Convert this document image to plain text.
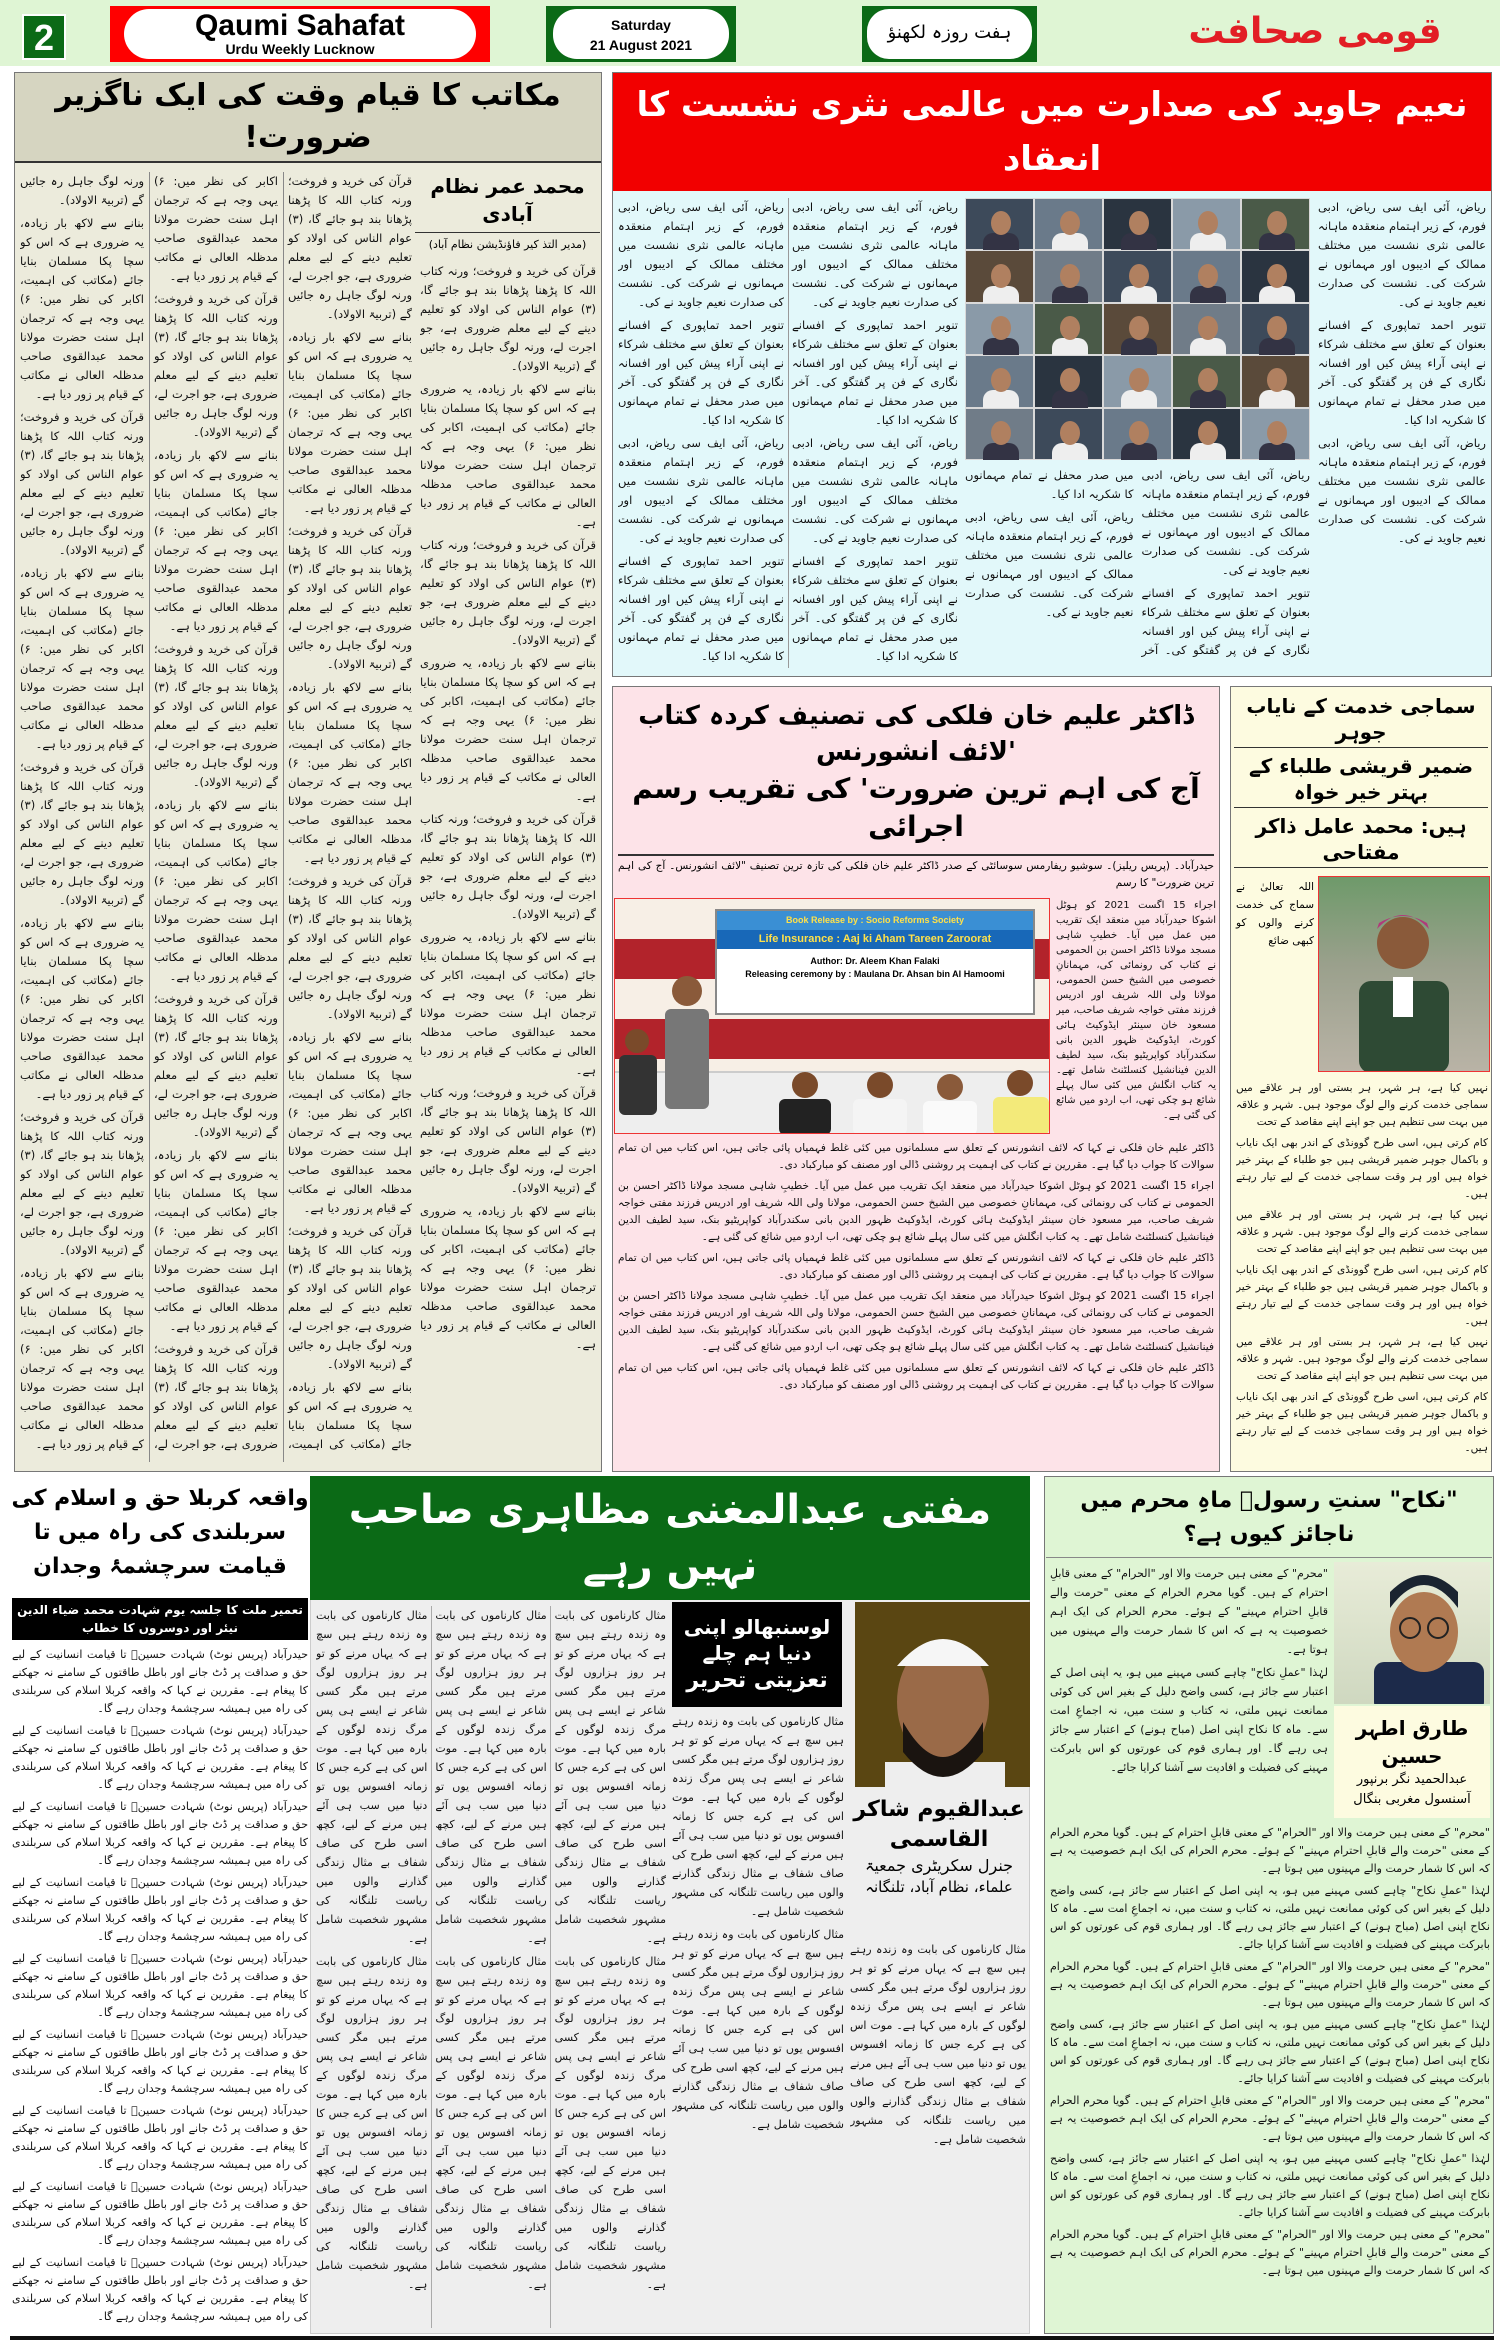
2	Qaumi Sahafat
Urdu Weekly Lucknow
Saturday
21 August 2021
ہفت روزہ لکھنؤ	قومی صحافت
مکاتب کا قیام وقت کی ایک ناگزیر ضرورت!
محمد عمر نظام آبادی
(مدیر التذ کیر فاؤنڈیشن نظام آباد)

قرآن کی خرید و فروخت؛ ورنہ کتاب اللہ کا پڑھنا پڑھانا بند ہو جائے گا، (۳) عوام الناس کی اولاد کو تعلیم دینے کے لیے معلم ضروری ہے، جو اجرت لے، ورنہ لوگ جاہل رہ جائیں گے (تربیۃ الاولاد)۔

بنانے سے لاکھ بار زیادہ، یہ ضروری ہے کہ اس کو سچا پکا مسلمان بنایا جائے (مکاتب کی اہمیت، اکابر کی نظر میں: ۶) یہی وجہ ہے کہ ترجمان اہل سنت حضرت مولانا محمد عبدالقوی صاحب مدظلہ العالی نے مکاتب کے قیام پر زور دیا ہے۔

قرآن کی خرید و فروخت؛ ورنہ کتاب اللہ کا پڑھنا پڑھانا بند ہو جائے گا، (۳) عوام الناس کی اولاد کو تعلیم دینے کے لیے معلم ضروری ہے، جو اجرت لے، ورنہ لوگ جاہل رہ جائیں گے (تربیۃ الاولاد)۔

بنانے سے لاکھ بار زیادہ، یہ ضروری ہے کہ اس کو سچا پکا مسلمان بنایا جائے (مکاتب کی اہمیت، اکابر کی نظر میں: ۶) یہی وجہ ہے کہ ترجمان اہل سنت حضرت مولانا محمد عبدالقوی صاحب مدظلہ العالی نے مکاتب کے قیام پر زور دیا ہے۔

قرآن کی خرید و فروخت؛ ورنہ کتاب اللہ کا پڑھنا پڑھانا بند ہو جائے گا، (۳) عوام الناس کی اولاد کو تعلیم دینے کے لیے معلم ضروری ہے، جو اجرت لے، ورنہ لوگ جاہل رہ جائیں گے (تربیۃ الاولاد)۔

بنانے سے لاکھ بار زیادہ، یہ ضروری ہے کہ اس کو سچا پکا مسلمان بنایا جائے (مکاتب کی اہمیت، اکابر کی نظر میں: ۶) یہی وجہ ہے کہ ترجمان اہل سنت حضرت مولانا محمد عبدالقوی صاحب مدظلہ العالی نے مکاتب کے قیام پر زور دیا ہے۔

قرآن کی خرید و فروخت؛ ورنہ کتاب اللہ کا پڑھنا پڑھانا بند ہو جائے گا، (۳) عوام الناس کی اولاد کو تعلیم دینے کے لیے معلم ضروری ہے، جو اجرت لے، ورنہ لوگ جاہل رہ جائیں گے (تربیۃ الاولاد)۔

بنانے سے لاکھ بار زیادہ، یہ ضروری ہے کہ اس کو سچا پکا مسلمان بنایا جائے (مکاتب کی اہمیت، اکابر کی نظر میں: ۶) یہی وجہ ہے کہ ترجمان اہل سنت حضرت مولانا محمد عبدالقوی صاحب مدظلہ العالی نے مکاتب کے قیام پر زور دیا ہے۔

قرآن کی خرید و فروخت؛ ورنہ کتاب اللہ کا پڑھنا پڑھانا بند ہو جائے گا، (۳) عوام الناس کی اولاد کو تعلیم دینے کے لیے معلم ضروری ہے، جو اجرت لے، ورنہ لوگ جاہل رہ جائیں گے (تربیۃ الاولاد)۔

بنانے سے لاکھ بار زیادہ، یہ ضروری ہے کہ اس کو سچا پکا مسلمان بنایا جائے (مکاتب کی اہمیت، اکابر کی نظر میں: ۶) یہی وجہ ہے کہ ترجمان اہل سنت حضرت مولانا محمد عبدالقوی صاحب مدظلہ العالی نے مکاتب کے قیام پر زور دیا ہے۔

قرآن کی خرید و فروخت؛ ورنہ کتاب اللہ کا پڑھنا پڑھانا بند ہو جائے گا، (۳) عوام الناس کی اولاد کو تعلیم دینے کے لیے معلم ضروری ہے، جو اجرت لے، ورنہ لوگ جاہل رہ جائیں گے (تربیۃ الاولاد)۔

بنانے سے لاکھ بار زیادہ، یہ ضروری ہے کہ اس کو سچا پکا مسلمان بنایا جائے (مکاتب کی اہمیت، اکابر کی نظر میں: ۶) یہی وجہ ہے کہ ترجمان اہل سنت حضرت مولانا محمد عبدالقوی صاحب مدظلہ العالی نے مکاتب کے قیام پر زور دیا ہے۔

قرآن کی خرید و فروخت؛ ورنہ کتاب اللہ کا پڑھنا پڑھانا بند ہو جائے گا، (۳) عوام الناس کی اولاد کو تعلیم دینے کے لیے معلم ضروری ہے، جو اجرت لے، ورنہ لوگ جاہل رہ جائیں گے (تربیۃ الاولاد)۔

بنانے سے لاکھ بار زیادہ، یہ ضروری ہے کہ اس کو سچا پکا مسلمان بنایا جائے (مکاتب کی اہمیت، اکابر کی نظر میں: ۶) یہی وجہ ہے کہ ترجمان اہل سنت حضرت مولانا محمد عبدالقوی صاحب مدظلہ العالی نے مکاتب کے قیام پر زور دیا ہے۔

قرآن کی خرید و فروخت؛ ورنہ کتاب اللہ کا پڑھنا پڑھانا بند ہو جائے گا، (۳) عوام الناس کی اولاد کو تعلیم دینے کے لیے معلم ضروری ہے، جو اجرت لے، ورنہ لوگ جاہل رہ جائیں گے (تربیۃ الاولاد)۔

بنانے سے لاکھ بار زیادہ، یہ ضروری ہے کہ اس کو سچا پکا مسلمان بنایا جائے (مکاتب کی اہمیت، اکابر کی نظر میں: ۶) یہی وجہ ہے کہ ترجمان اہل سنت حضرت مولانا محمد عبدالقوی صاحب مدظلہ العالی نے مکاتب کے قیام پر زور دیا ہے۔

قرآن کی خرید و فروخت؛ ورنہ کتاب اللہ کا پڑھنا پڑھانا بند ہو جائے گا، (۳) عوام الناس کی اولاد کو تعلیم دینے کے لیے معلم ضروری ہے، جو اجرت لے، ورنہ لوگ جاہل رہ جائیں گے (تربیۃ الاولاد)۔

بنانے سے لاکھ بار زیادہ، یہ ضروری ہے کہ اس کو سچا پکا مسلمان بنایا جائے (مکاتب کی اہمیت، اکابر کی نظر میں: ۶) یہی وجہ ہے کہ ترجمان اہل سنت حضرت مولانا محمد عبدالقوی صاحب مدظلہ العالی نے مکاتب کے قیام پر زور دیا ہے۔

قرآن کی خرید و فروخت؛ ورنہ کتاب اللہ کا پڑھنا پڑھانا بند ہو جائے گا، (۳) عوام الناس کی اولاد کو تعلیم دینے کے لیے معلم ضروری ہے، جو اجرت لے، ورنہ لوگ جاہل رہ جائیں گے (تربیۃ الاولاد)۔

بنانے سے لاکھ بار زیادہ، یہ ضروری ہے کہ اس کو سچا پکا مسلمان بنایا جائے (مکاتب کی اہمیت، اکابر کی نظر میں: ۶) یہی وجہ ہے کہ ترجمان اہل سنت حضرت مولانا محمد عبدالقوی صاحب مدظلہ العالی نے مکاتب کے قیام پر زور دیا ہے۔

قرآن کی خرید و فروخت؛ ورنہ کتاب اللہ کا پڑھنا پڑھانا بند ہو جائے گا، (۳) عوام الناس کی اولاد کو تعلیم دینے کے لیے معلم ضروری ہے، جو اجرت لے، ورنہ لوگ جاہل رہ جائیں گے (تربیۃ الاولاد)۔

بنانے سے لاکھ بار زیادہ، یہ ضروری ہے کہ اس کو سچا پکا مسلمان بنایا جائے (مکاتب کی اہمیت، اکابر کی نظر میں: ۶) یہی وجہ ہے کہ ترجمان اہل سنت حضرت مولانا محمد عبدالقوی صاحب مدظلہ العالی نے مکاتب کے قیام پر زور دیا ہے۔

قرآن کی خرید و فروخت؛ ورنہ کتاب اللہ کا پڑھنا پڑھانا بند ہو جائے گا، (۳) عوام الناس کی اولاد کو تعلیم دینے کے لیے معلم ضروری ہے، جو اجرت لے، ورنہ لوگ جاہل رہ جائیں گے (تربیۃ الاولاد)۔

بنانے سے لاکھ بار زیادہ، یہ ضروری ہے کہ اس کو سچا پکا مسلمان بنایا جائے (مکاتب کی اہمیت، اکابر کی نظر میں: ۶) یہی وجہ ہے کہ ترجمان اہل سنت حضرت مولانا محمد عبدالقوی صاحب مدظلہ العالی نے مکاتب کے قیام پر زور دیا ہے۔

قرآن کی خرید و فروخت؛ ورنہ کتاب اللہ کا پڑھنا پڑھانا بند ہو جائے گا، (۳) عوام الناس کی اولاد کو تعلیم دینے کے لیے معلم ضروری ہے، جو اجرت لے، ورنہ لوگ جاہل رہ جائیں گے (تربیۃ الاولاد)۔

بنانے سے لاکھ بار زیادہ، یہ ضروری ہے کہ اس کو سچا پکا مسلمان بنایا جائے (مکاتب کی اہمیت، اکابر کی نظر میں: ۶) یہی وجہ ہے کہ ترجمان اہل سنت حضرت مولانا محمد عبدالقوی صاحب مدظلہ العالی نے مکاتب کے قیام پر زور دیا ہے۔

قرآن کی خرید و فروخت؛ ورنہ کتاب اللہ کا پڑھنا پڑھانا بند ہو جائے گا، (۳) عوام الناس کی اولاد کو تعلیم دینے کے لیے معلم ضروری ہے، جو اجرت لے، ورنہ لوگ جاہل رہ جائیں گے (تربیۃ الاولاد)۔

بنانے سے لاکھ بار زیادہ، یہ ضروری ہے کہ اس کو سچا پکا مسلمان بنایا جائے (مکاتب کی اہمیت، اکابر کی نظر میں: ۶) یہی وجہ ہے کہ ترجمان اہل سنت حضرت مولانا محمد عبدالقوی صاحب مدظلہ العالی نے مکاتب کے قیام پر زور دیا ہے۔

قرآن کی خرید و فروخت؛ ورنہ کتاب اللہ کا پڑھنا پڑھانا بند ہو جائے گا، (۳) عوام الناس کی اولاد کو تعلیم دینے کے لیے معلم ضروری ہے، جو اجرت لے، ورنہ لوگ جاہل رہ جائیں گے (تربیۃ الاولاد)۔

بنانے سے لاکھ بار زیادہ، یہ ضروری ہے کہ اس کو سچا پکا مسلمان بنایا جائے (مکاتب کی اہمیت، اکابر کی نظر میں: ۶) یہی وجہ ہے کہ ترجمان اہل سنت حضرت مولانا محمد عبدالقوی صاحب مدظلہ العالی نے مکاتب کے قیام پر زور دیا ہے۔

نعیم جاوید کی صدارت میں عالمی نثری نشست کا انعقاد

ریاض، آئی ایف سی ریاض، ادبی فورم، کے زیر اہتمام منعقدہ ماہانہ عالمی نثری نشست میں مختلف ممالک کے ادیبوں اور مہمانوں نے شرکت کی۔ نشست کی صدارت نعیم جاوید نے کی۔

تنویر احمد تماپوری کے افسانے بعنوان کے تعلق سے مختلف شرکاء نے اپنی آراء پیش کیں اور افسانہ نگاری کے فن پر گفتگو کی۔ آخر میں صدر محفل نے تمام مہمانوں کا شکریہ ادا کیا۔

ریاض، آئی ایف سی ریاض، ادبی فورم، کے زیر اہتمام منعقدہ ماہانہ عالمی نثری نشست میں مختلف ممالک کے ادیبوں اور مہمانوں نے شرکت کی۔ نشست کی صدارت نعیم جاوید نے کی۔

ریاض، آئی ایف سی ریاض، ادبی فورم، کے زیر اہتمام منعقدہ ماہانہ عالمی نثری نشست میں مختلف ممالک کے ادیبوں اور مہمانوں نے شرکت کی۔ نشست کی صدارت نعیم جاوید نے کی۔

تنویر احمد تماپوری کے افسانے بعنوان کے تعلق سے مختلف شرکاء نے اپنی آراء پیش کیں اور افسانہ نگاری کے فن پر گفتگو کی۔ آخر میں صدر محفل نے تمام مہمانوں کا شکریہ ادا کیا۔

ریاض، آئی ایف سی ریاض، ادبی فورم، کے زیر اہتمام منعقدہ ماہانہ عالمی نثری نشست میں مختلف ممالک کے ادیبوں اور مہمانوں نے شرکت کی۔ نشست کی صدارت نعیم جاوید نے کی۔

ریاض، آئی ایف سی ریاض، ادبی فورم، کے زیر اہتمام منعقدہ ماہانہ عالمی نثری نشست میں مختلف ممالک کے ادیبوں اور مہمانوں نے شرکت کی۔ نشست کی صدارت نعیم جاوید نے کی۔

تنویر احمد تماپوری کے افسانے بعنوان کے تعلق سے مختلف شرکاء نے اپنی آراء پیش کیں اور افسانہ نگاری کے فن پر گفتگو کی۔ آخر میں صدر محفل نے تمام مہمانوں کا شکریہ ادا کیا۔

ریاض، آئی ایف سی ریاض، ادبی فورم، کے زیر اہتمام منعقدہ ماہانہ عالمی نثری نشست میں مختلف ممالک کے ادیبوں اور مہمانوں نے شرکت کی۔ نشست کی صدارت نعیم جاوید نے کی۔

تنویر احمد تماپوری کے افسانے بعنوان کے تعلق سے مختلف شرکاء نے اپنی آراء پیش کیں اور افسانہ نگاری کے فن پر گفتگو کی۔ آخر میں صدر محفل نے تمام مہمانوں کا شکریہ ادا کیا۔

ریاض، آئی ایف سی ریاض، ادبی فورم، کے زیر اہتمام منعقدہ ماہانہ عالمی نثری نشست میں مختلف ممالک کے ادیبوں اور مہمانوں نے شرکت کی۔ نشست کی صدارت نعیم جاوید نے کی۔

تنویر احمد تماپوری کے افسانے بعنوان کے تعلق سے مختلف شرکاء نے اپنی آراء پیش کیں اور افسانہ نگاری کے فن پر گفتگو کی۔ آخر میں صدر محفل نے تمام مہمانوں کا شکریہ ادا کیا۔

ریاض، آئی ایف سی ریاض، ادبی فورم، کے زیر اہتمام منعقدہ ماہانہ عالمی نثری نشست میں مختلف ممالک کے ادیبوں اور مہمانوں نے شرکت کی۔ نشست کی صدارت نعیم جاوید نے کی۔

تنویر احمد تماپوری کے افسانے بعنوان کے تعلق سے مختلف شرکاء نے اپنی آراء پیش کیں اور افسانہ نگاری کے فن پر گفتگو کی۔ آخر میں صدر محفل نے تمام مہمانوں کا شکریہ ادا کیا۔

ڈاکٹر علیم خان فلکی کی تصنیف کردہ کتاب 'لائف انشورنس
آج کی اہم ترین ضرورت' کی تقریب رسم اجرائی
حیدرآباد۔ (پریس ریلیز)۔ سوشیو ریفارمس سوسائٹی کے صدر ڈاکٹر علیم خان فلکی کی تازہ ترین تصنیف "لائف انشورنس۔ آج کی اہم ترین ضرورت" کا رسم
Book Release by : Socio Reforms Society
Life Insurance : Aaj ki Aham Tareen Zaroorat
Author: Dr. Aleem Khan Falaki
Releasing ceremony by : Maulana Dr. Ahsan bin Al Hamoomi

اجراء 15 اگست 2021 کو ہوٹل اشوکا حیدرآباد میں منعقد ایک تقریب میں عمل میں آیا۔ خطیبِ شاہی مسجد مولانا ڈاکٹر احسن بن الحمومی نے کتاب کی رونمائی کی، مہمانانِ خصوصی میں الشیخ حسن الحمومی، مولانا ولی اللہ شریف اور ادریس فرزند مفتی خواجہ شریف صاحب، میر مسعود خان سینئر ایڈوکیٹ ہائی کورٹ، ایڈوکیٹ ظہور الدین بانی سکندرآباد کواپریٹیو بنک، سید لطیف الدین فینانشیل کنسلٹنٹ شامل تھے۔ یہ کتاب انگلش میں کئی سال پہلے شائع ہو چکی تھی، اب اردو میں شائع کی گئی ہے۔

ڈاکٹر علیم خان فلکی نے کہا کہ لائف انشورنس کے تعلق سے مسلمانوں میں کئی غلط فہمیاں پائی جاتی ہیں، اس کتاب میں ان تمام سوالات کا جواب دیا گیا ہے۔ مقررین نے کتاب کی اہمیت پر روشنی ڈالی اور مصنف کو مبارکباد دی۔

اجراء 15 اگست 2021 کو ہوٹل اشوکا حیدرآباد میں منعقد ایک تقریب میں عمل میں آیا۔ خطیبِ شاہی مسجد مولانا ڈاکٹر احسن بن الحمومی نے کتاب کی رونمائی کی، مہمانانِ خصوصی میں الشیخ حسن الحمومی، مولانا ولی اللہ شریف اور ادریس فرزند مفتی خواجہ شریف صاحب، میر مسعود خان سینئر ایڈوکیٹ ہائی کورٹ، ایڈوکیٹ ظہور الدین بانی سکندرآباد کواپریٹیو بنک، سید لطیف الدین فینانشیل کنسلٹنٹ شامل تھے۔ یہ کتاب انگلش میں کئی سال پہلے شائع ہو چکی تھی، اب اردو میں شائع کی گئی ہے۔

ڈاکٹر علیم خان فلکی نے کہا کہ لائف انشورنس کے تعلق سے مسلمانوں میں کئی غلط فہمیاں پائی جاتی ہیں، اس کتاب میں ان تمام سوالات کا جواب دیا گیا ہے۔ مقررین نے کتاب کی اہمیت پر روشنی ڈالی اور مصنف کو مبارکباد دی۔

اجراء 15 اگست 2021 کو ہوٹل اشوکا حیدرآباد میں منعقد ایک تقریب میں عمل میں آیا۔ خطیبِ شاہی مسجد مولانا ڈاکٹر احسن بن الحمومی نے کتاب کی رونمائی کی، مہمانانِ خصوصی میں الشیخ حسن الحمومی، مولانا ولی اللہ شریف اور ادریس فرزند مفتی خواجہ شریف صاحب، میر مسعود خان سینئر ایڈوکیٹ ہائی کورٹ، ایڈوکیٹ ظہور الدین بانی سکندرآباد کواپریٹیو بنک، سید لطیف الدین فینانشیل کنسلٹنٹ شامل تھے۔ یہ کتاب انگلش میں کئی سال پہلے شائع ہو چکی تھی، اب اردو میں شائع کی گئی ہے۔

ڈاکٹر علیم خان فلکی نے کہا کہ لائف انشورنس کے تعلق سے مسلمانوں میں کئی غلط فہمیاں پائی جاتی ہیں، اس کتاب میں ان تمام سوالات کا جواب دیا گیا ہے۔ مقررین نے کتاب کی اہمیت پر روشنی ڈالی اور مصنف کو مبارکباد دی۔

سماجی خدمت کے نایاب جوہر
ضمیر قریشی طلباء کے بہتر خیر خواہ
ہیں: محمد عامل ذاکر مفتاحی
اللہ تعالیٰ نے سماج کی خدمت کرنے والوں کو کبھی ضائع

نہیں کیا ہے، ہر شہر، ہر بستی اور ہر علاقے میں سماجی خدمت کرنے والے لوگ موجود ہیں۔ شہر و علاقہ میں بہت سی تنظیم ہیں جو اپنے اپنے مقاصد کے تحت

کام کرتی ہیں، اسی طرح گوونڈی کے اندر بھی ایک نایاب و باکمال جوہر ضمیر قریشی ہیں جو طلباء کے بہتر خیر خواہ ہیں اور ہر وقت سماجی خدمت کے لیے تیار رہتے ہیں۔

نہیں کیا ہے، ہر شہر، ہر بستی اور ہر علاقے میں سماجی خدمت کرنے والے لوگ موجود ہیں۔ شہر و علاقہ میں بہت سی تنظیم ہیں جو اپنے اپنے مقاصد کے تحت

کام کرتی ہیں، اسی طرح گوونڈی کے اندر بھی ایک نایاب و باکمال جوہر ضمیر قریشی ہیں جو طلباء کے بہتر خیر خواہ ہیں اور ہر وقت سماجی خدمت کے لیے تیار رہتے ہیں۔

نہیں کیا ہے، ہر شہر، ہر بستی اور ہر علاقے میں سماجی خدمت کرنے والے لوگ موجود ہیں۔ شہر و علاقہ میں بہت سی تنظیم ہیں جو اپنے اپنے مقاصد کے تحت

کام کرتی ہیں، اسی طرح گوونڈی کے اندر بھی ایک نایاب و باکمال جوہر ضمیر قریشی ہیں جو طلباء کے بہتر خیر خواہ ہیں اور ہر وقت سماجی خدمت کے لیے تیار رہتے ہیں۔

واقعہ کربلا حق و اسلام کی سربلندی کی راہ میں تا قیامت سرچشمۂ وجدان
تعمیر ملت کا جلسہ یوم شہادت محمد ضیاء الدین نیئر اور دوسروں کا خطاب

حیدرآباد (پریس نوٹ) شہادت حسینؓ تا قیامت انسانیت کے لیے حق و صداقت پر ڈٹ جانے اور باطل طاقتوں کے سامنے نہ جھکنے کا پیغام ہے۔ مقررین نے کہا کہ واقعہ کربلا اسلام کی سربلندی کی راہ میں ہمیشہ سرچشمۂ وجدان رہے گا۔

حیدرآباد (پریس نوٹ) شہادت حسینؓ تا قیامت انسانیت کے لیے حق و صداقت پر ڈٹ جانے اور باطل طاقتوں کے سامنے نہ جھکنے کا پیغام ہے۔ مقررین نے کہا کہ واقعہ کربلا اسلام کی سربلندی کی راہ میں ہمیشہ سرچشمۂ وجدان رہے گا۔

حیدرآباد (پریس نوٹ) شہادت حسینؓ تا قیامت انسانیت کے لیے حق و صداقت پر ڈٹ جانے اور باطل طاقتوں کے سامنے نہ جھکنے کا پیغام ہے۔ مقررین نے کہا کہ واقعہ کربلا اسلام کی سربلندی کی راہ میں ہمیشہ سرچشمۂ وجدان رہے گا۔

حیدرآباد (پریس نوٹ) شہادت حسینؓ تا قیامت انسانیت کے لیے حق و صداقت پر ڈٹ جانے اور باطل طاقتوں کے سامنے نہ جھکنے کا پیغام ہے۔ مقررین نے کہا کہ واقعہ کربلا اسلام کی سربلندی کی راہ میں ہمیشہ سرچشمۂ وجدان رہے گا۔

حیدرآباد (پریس نوٹ) شہادت حسینؓ تا قیامت انسانیت کے لیے حق و صداقت پر ڈٹ جانے اور باطل طاقتوں کے سامنے نہ جھکنے کا پیغام ہے۔ مقررین نے کہا کہ واقعہ کربلا اسلام کی سربلندی کی راہ میں ہمیشہ سرچشمۂ وجدان رہے گا۔

حیدرآباد (پریس نوٹ) شہادت حسینؓ تا قیامت انسانیت کے لیے حق و صداقت پر ڈٹ جانے اور باطل طاقتوں کے سامنے نہ جھکنے کا پیغام ہے۔ مقررین نے کہا کہ واقعہ کربلا اسلام کی سربلندی کی راہ میں ہمیشہ سرچشمۂ وجدان رہے گا۔

حیدرآباد (پریس نوٹ) شہادت حسینؓ تا قیامت انسانیت کے لیے حق و صداقت پر ڈٹ جانے اور باطل طاقتوں کے سامنے نہ جھکنے کا پیغام ہے۔ مقررین نے کہا کہ واقعہ کربلا اسلام کی سربلندی کی راہ میں ہمیشہ سرچشمۂ وجدان رہے گا۔

حیدرآباد (پریس نوٹ) شہادت حسینؓ تا قیامت انسانیت کے لیے حق و صداقت پر ڈٹ جانے اور باطل طاقتوں کے سامنے نہ جھکنے کا پیغام ہے۔ مقررین نے کہا کہ واقعہ کربلا اسلام کی سربلندی کی راہ میں ہمیشہ سرچشمۂ وجدان رہے گا۔

حیدرآباد (پریس نوٹ) شہادت حسینؓ تا قیامت انسانیت کے لیے حق و صداقت پر ڈٹ جانے اور باطل طاقتوں کے سامنے نہ جھکنے کا پیغام ہے۔ مقررین نے کہا کہ واقعہ کربلا اسلام کی سربلندی کی راہ میں ہمیشہ سرچشمۂ وجدان رہے گا۔

مفتی عبدالمغنی مظاہری صاحب نہیں رہے
لوسنبھالو اپنی دنیا ہم چلے
تعزیتی تحریر
عبدالقیوم شاکر القاسمی
جنرل سکریٹری جمعیۃ
علماء، نظام آباد، تلنگانہ

مثال کارناموں کی بابت وہ زندہ رہتے ہیں سچ ہے کہ یہاں مرنے کو تو ہر روز ہزاروں لوگ مرتے ہیں مگر کسی شاعر نے ایسے ہی پس مرگ زندہ لوگوں کے بارہ میں کہا ہے۔ موت اس کی ہے کرے جس کا زمانہ افسوس یوں تو دنیا میں سب ہی آئے ہیں مرنے کے لیے، کچھ اسی طرح کی صاف شفاف بے مثال زندگی گذارنے والوں میں ریاست تلنگانہ کی مشہور شخصیت شامل ہے۔

مثال کارناموں کی بابت وہ زندہ رہتے ہیں سچ ہے کہ یہاں مرنے کو تو ہر روز ہزاروں لوگ مرتے ہیں مگر کسی شاعر نے ایسے ہی پس مرگ زندہ لوگوں کے بارہ میں کہا ہے۔ موت اس کی ہے کرے جس کا زمانہ افسوس یوں تو دنیا میں سب ہی آئے ہیں مرنے کے لیے، کچھ اسی طرح کی صاف شفاف بے مثال زندگی گذارنے والوں میں ریاست تلنگانہ کی مشہور شخصیت شامل ہے۔

مثال کارناموں کی بابت وہ زندہ رہتے ہیں سچ ہے کہ یہاں مرنے کو تو ہر روز ہزاروں لوگ مرتے ہیں مگر کسی شاعر نے ایسے ہی پس مرگ زندہ لوگوں کے بارہ میں کہا ہے۔ موت اس کی ہے کرے جس کا زمانہ افسوس یوں تو دنیا میں سب ہی آئے ہیں مرنے کے لیے، کچھ اسی طرح کی صاف شفاف بے مثال زندگی گذارنے والوں میں ریاست تلنگانہ کی مشہور شخصیت شامل ہے۔

مثال کارناموں کی بابت وہ زندہ رہتے ہیں سچ ہے کہ یہاں مرنے کو تو ہر روز ہزاروں لوگ مرتے ہیں مگر کسی شاعر نے ایسے ہی پس مرگ زندہ لوگوں کے بارہ میں کہا ہے۔ موت اس کی ہے کرے جس کا زمانہ افسوس یوں تو دنیا میں سب ہی آئے ہیں مرنے کے لیے، کچھ اسی طرح کی صاف شفاف بے مثال زندگی گذارنے والوں میں ریاست تلنگانہ کی مشہور شخصیت شامل ہے۔

مثال کارناموں کی بابت وہ زندہ رہتے ہیں سچ ہے کہ یہاں مرنے کو تو ہر روز ہزاروں لوگ مرتے ہیں مگر کسی شاعر نے ایسے ہی پس مرگ زندہ لوگوں کے بارہ میں کہا ہے۔ موت اس کی ہے کرے جس کا زمانہ افسوس یوں تو دنیا میں سب ہی آئے ہیں مرنے کے لیے، کچھ اسی طرح کی صاف شفاف بے مثال زندگی گذارنے والوں میں ریاست تلنگانہ کی مشہور شخصیت شامل ہے۔

مثال کارناموں کی بابت وہ زندہ رہتے ہیں سچ ہے کہ یہاں مرنے کو تو ہر روز ہزاروں لوگ مرتے ہیں مگر کسی شاعر نے ایسے ہی پس مرگ زندہ لوگوں کے بارہ میں کہا ہے۔ موت اس کی ہے کرے جس کا زمانہ افسوس یوں تو دنیا میں سب ہی آئے ہیں مرنے کے لیے، کچھ اسی طرح کی صاف شفاف بے مثال زندگی گذارنے والوں میں ریاست تلنگانہ کی مشہور شخصیت شامل ہے۔

مثال کارناموں کی بابت وہ زندہ رہتے ہیں سچ ہے کہ یہاں مرنے کو تو ہر روز ہزاروں لوگ مرتے ہیں مگر کسی شاعر نے ایسے ہی پس مرگ زندہ لوگوں کے بارہ میں کہا ہے۔ موت اس کی ہے کرے جس کا زمانہ افسوس یوں تو دنیا میں سب ہی آئے ہیں مرنے کے لیے، کچھ اسی طرح کی صاف شفاف بے مثال زندگی گذارنے والوں میں ریاست تلنگانہ کی مشہور شخصیت شامل ہے۔

مثال کارناموں کی بابت وہ زندہ رہتے ہیں سچ ہے کہ یہاں مرنے کو تو ہر روز ہزاروں لوگ مرتے ہیں مگر کسی شاعر نے ایسے ہی پس مرگ زندہ لوگوں کے بارہ میں کہا ہے۔ موت اس کی ہے کرے جس کا زمانہ افسوس یوں تو دنیا میں سب ہی آئے ہیں مرنے کے لیے، کچھ اسی طرح کی صاف شفاف بے مثال زندگی گذارنے والوں میں ریاست تلنگانہ کی مشہور شخصیت شامل ہے۔

مثال کارناموں کی بابت وہ زندہ رہتے ہیں سچ ہے کہ یہاں مرنے کو تو ہر روز ہزاروں لوگ مرتے ہیں مگر کسی شاعر نے ایسے ہی پس مرگ زندہ لوگوں کے بارہ میں کہا ہے۔ موت اس کی ہے کرے جس کا زمانہ افسوس یوں تو دنیا میں سب ہی آئے ہیں مرنے کے لیے، کچھ اسی طرح کی صاف شفاف بے مثال زندگی گذارنے والوں میں ریاست تلنگانہ کی مشہور شخصیت شامل ہے۔

"نکاح" سنتِ رسولؐ ماہِ محرم میں ناجائز کیوں ہے؟
طارق اطہر حسین
عبدالحمید نگر برنپور
آسنسول مغربی بنگال

"محرم" کے معنی ہیں حرمت والا اور "الحرام" کے معنی قابلِ احترام کے ہیں۔ گویا محرم الحرام کے معنی "حرمت والے قابلِ احترام مہینے" کے ہوئے۔ محرم الحرام کی ایک اہم خصوصیت یہ ہے کہ اس کا شمار حرمت والے مہینوں میں ہوتا ہے۔

لہٰذا "عملِ نکاح" چاہے کسی مہینے میں ہو، یہ اپنی اصل کے اعتبار سے جائز ہے، کسی واضح دلیل کے بغیر اس کی کوئی ممانعت نہیں ملتی، نہ کتاب و سنت میں، نہ اجماعِ امت سے۔ ماہ کا نکاح اپنی اصل (مباح ہونے) کے اعتبار سے جائز ہی رہے گا۔ اور ہماری قوم کی عورتوں کو اس بابرکت مہینے کی فضیلت و افادیت سے آشنا کرایا جائے۔

"محرم" کے معنی ہیں حرمت والا اور "الحرام" کے معنی قابلِ احترام کے ہیں۔ گویا محرم الحرام کے معنی "حرمت والے قابلِ احترام مہینے" کے ہوئے۔ محرم الحرام کی ایک اہم خصوصیت یہ ہے کہ اس کا شمار حرمت والے مہینوں میں ہوتا ہے۔

لہٰذا "عملِ نکاح" چاہے کسی مہینے میں ہو، یہ اپنی اصل کے اعتبار سے جائز ہے، کسی واضح دلیل کے بغیر اس کی کوئی ممانعت نہیں ملتی، نہ کتاب و سنت میں، نہ اجماعِ امت سے۔ ماہ کا نکاح اپنی اصل (مباح ہونے) کے اعتبار سے جائز ہی رہے گا۔ اور ہماری قوم کی عورتوں کو اس بابرکت مہینے کی فضیلت و افادیت سے آشنا کرایا جائے۔

"محرم" کے معنی ہیں حرمت والا اور "الحرام" کے معنی قابلِ احترام کے ہیں۔ گویا محرم الحرام کے معنی "حرمت والے قابلِ احترام مہینے" کے ہوئے۔ محرم الحرام کی ایک اہم خصوصیت یہ ہے کہ اس کا شمار حرمت والے مہینوں میں ہوتا ہے۔

لہٰذا "عملِ نکاح" چاہے کسی مہینے میں ہو، یہ اپنی اصل کے اعتبار سے جائز ہے، کسی واضح دلیل کے بغیر اس کی کوئی ممانعت نہیں ملتی، نہ کتاب و سنت میں، نہ اجماعِ امت سے۔ ماہ کا نکاح اپنی اصل (مباح ہونے) کے اعتبار سے جائز ہی رہے گا۔ اور ہماری قوم کی عورتوں کو اس بابرکت مہینے کی فضیلت و افادیت سے آشنا کرایا جائے۔

"محرم" کے معنی ہیں حرمت والا اور "الحرام" کے معنی قابلِ احترام کے ہیں۔ گویا محرم الحرام کے معنی "حرمت والے قابلِ احترام مہینے" کے ہوئے۔ محرم الحرام کی ایک اہم خصوصیت یہ ہے کہ اس کا شمار حرمت والے مہینوں میں ہوتا ہے۔

لہٰذا "عملِ نکاح" چاہے کسی مہینے میں ہو، یہ اپنی اصل کے اعتبار سے جائز ہے، کسی واضح دلیل کے بغیر اس کی کوئی ممانعت نہیں ملتی، نہ کتاب و سنت میں، نہ اجماعِ امت سے۔ ماہ کا نکاح اپنی اصل (مباح ہونے) کے اعتبار سے جائز ہی رہے گا۔ اور ہماری قوم کی عورتوں کو اس بابرکت مہینے کی فضیلت و افادیت سے آشنا کرایا جائے۔

"محرم" کے معنی ہیں حرمت والا اور "الحرام" کے معنی قابلِ احترام کے ہیں۔ گویا محرم الحرام کے معنی "حرمت والے قابلِ احترام مہینے" کے ہوئے۔ محرم الحرام کی ایک اہم خصوصیت یہ ہے کہ اس کا شمار حرمت والے مہینوں میں ہوتا ہے۔
